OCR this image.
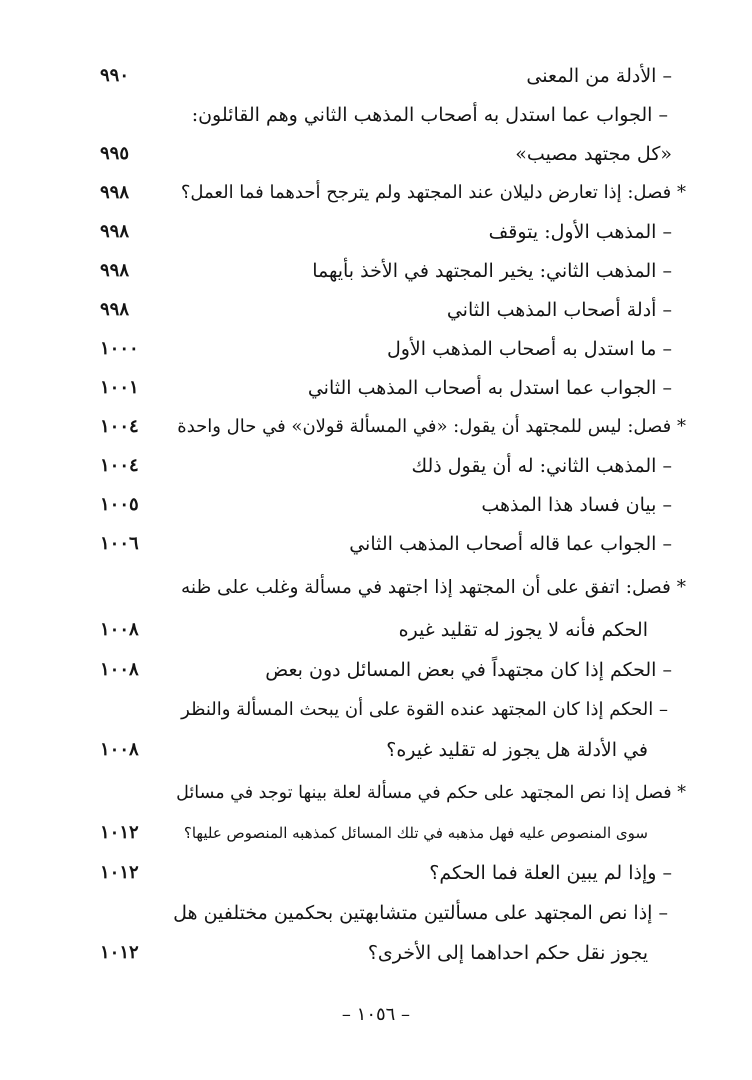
– الأدلة من المعنى
٩٩٠
– الجواب عما استدل به أصحاب المذهب الثاني وهم القائلون:
«كل مجتهد مصيب»
٩٩٥
* فصل: إذا تعارض دليلان عند المجتهد ولم يترجح أحدهما فما العمل؟
٩٩٨
– المذهب الأول: يتوقف
٩٩٨
– المذهب الثاني: يخير المجتهد في الأخذ بأيهما
٩٩٨
– أدلة أصحاب المذهب الثاني
٩٩٨
– ما استدل به أصحاب المذهب الأول
١٠٠٠
– الجواب عما استدل به أصحاب المذهب الثاني
١٠٠١
* فصل: ليس للمجتهد أن يقول: «في المسألة قولان» في حال واحدة
١٠٠٤
– المذهب الثاني: له أن يقول ذلك
١٠٠٤
– بيان فساد هذا المذهب
١٠٠٥
– الجواب عما قاله أصحاب المذهب الثاني
١٠٠٦
* فصل: اتفق على أن المجتهد إذا اجتهد في مسألة وغلب على ظنه
الحكم فأنه لا يجوز له تقليد غيره
١٠٠٨
– الحكم إذا كان مجتهداً في بعض المسائل دون بعض
١٠٠٨
– الحكم إذا كان المجتهد عنده القوة على أن يبحث المسألة والنظر
في الأدلة هل يجوز له تقليد غيره؟
١٠٠٨
* فصل إذا نص المجتهد على حكم في مسألة لعلة بينها توجد في مسائل
سوى المنصوص عليه فهل مذهبه في تلك المسائل كمذهبه المنصوص عليها؟
١٠١٢
– وإذا لم يبين العلة فما الحكم؟
١٠١٢
– إذا نص المجتهد على مسألتين متشابهتين بحكمين مختلفين هل
يجوز نقل حكم احداهما إلى الأخرى؟
١٠١٢
– ١٠٥٦ –
